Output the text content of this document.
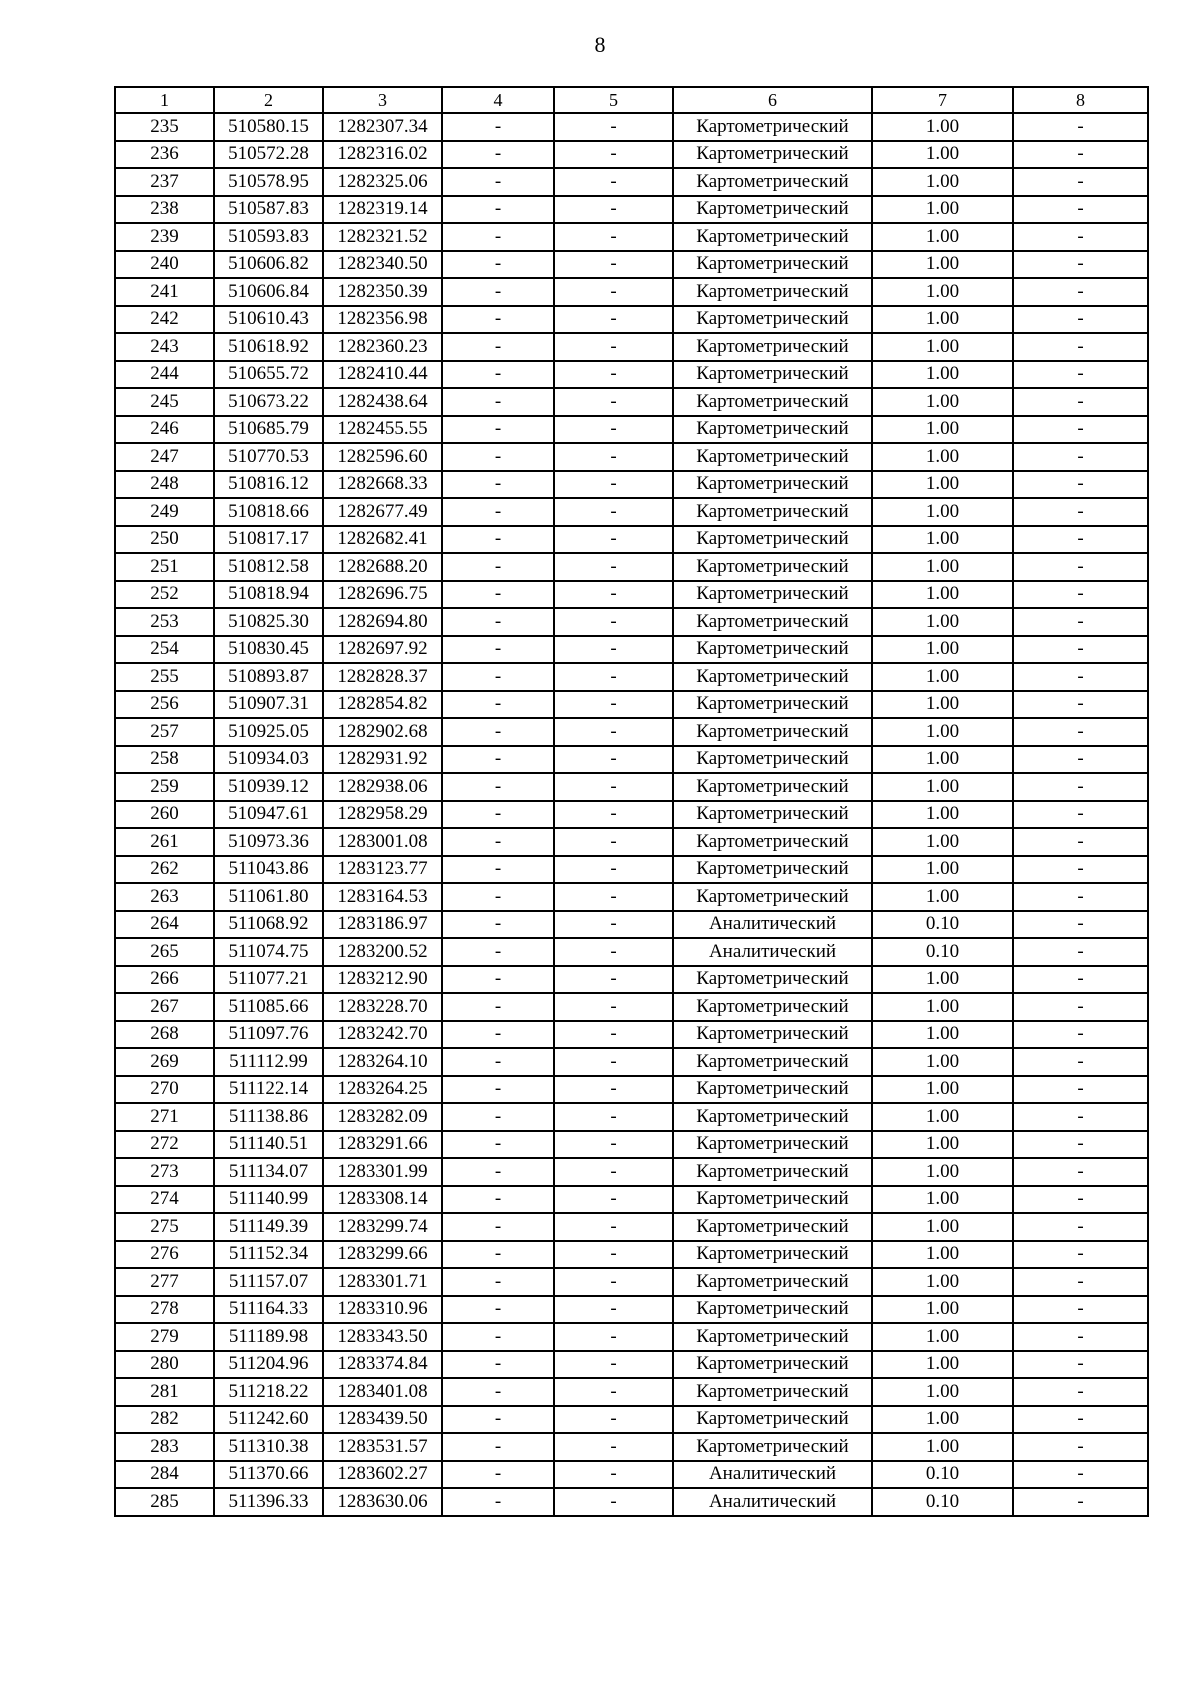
8
1	2	3	4	5	6	7	8
235	510580.15	1282307.34	-	-	Картометрический	1.00	-
236	510572.28	1282316.02	-	-	Картометрический	1.00	-
237	510578.95	1282325.06	-	-	Картометрический	1.00	-
238	510587.83	1282319.14	-	-	Картометрический	1.00	-
239	510593.83	1282321.52	-	-	Картометрический	1.00	-
240	510606.82	1282340.50	-	-	Картометрический	1.00	-
241	510606.84	1282350.39	-	-	Картометрический	1.00	-
242	510610.43	1282356.98	-	-	Картометрический	1.00	-
243	510618.92	1282360.23	-	-	Картометрический	1.00	-
244	510655.72	1282410.44	-	-	Картометрический	1.00	-
245	510673.22	1282438.64	-	-	Картометрический	1.00	-
246	510685.79	1282455.55	-	-	Картометрический	1.00	-
247	510770.53	1282596.60	-	-	Картометрический	1.00	-
248	510816.12	1282668.33	-	-	Картометрический	1.00	-
249	510818.66	1282677.49	-	-	Картометрический	1.00	-
250	510817.17	1282682.41	-	-	Картометрический	1.00	-
251	510812.58	1282688.20	-	-	Картометрический	1.00	-
252	510818.94	1282696.75	-	-	Картометрический	1.00	-
253	510825.30	1282694.80	-	-	Картометрический	1.00	-
254	510830.45	1282697.92	-	-	Картометрический	1.00	-
255	510893.87	1282828.37	-	-	Картометрический	1.00	-
256	510907.31	1282854.82	-	-	Картометрический	1.00	-
257	510925.05	1282902.68	-	-	Картометрический	1.00	-
258	510934.03	1282931.92	-	-	Картометрический	1.00	-
259	510939.12	1282938.06	-	-	Картометрический	1.00	-
260	510947.61	1282958.29	-	-	Картометрический	1.00	-
261	510973.36	1283001.08	-	-	Картометрический	1.00	-
262	511043.86	1283123.77	-	-	Картометрический	1.00	-
263	511061.80	1283164.53	-	-	Картометрический	1.00	-
264	511068.92	1283186.97	-	-	Аналитический	0.10	-
265	511074.75	1283200.52	-	-	Аналитический	0.10	-
266	511077.21	1283212.90	-	-	Картометрический	1.00	-
267	511085.66	1283228.70	-	-	Картометрический	1.00	-
268	511097.76	1283242.70	-	-	Картометрический	1.00	-
269	511112.99	1283264.10	-	-	Картометрический	1.00	-
270	511122.14	1283264.25	-	-	Картометрический	1.00	-
271	511138.86	1283282.09	-	-	Картометрический	1.00	-
272	511140.51	1283291.66	-	-	Картометрический	1.00	-
273	511134.07	1283301.99	-	-	Картометрический	1.00	-
274	511140.99	1283308.14	-	-	Картометрический	1.00	-
275	511149.39	1283299.74	-	-	Картометрический	1.00	-
276	511152.34	1283299.66	-	-	Картометрический	1.00	-
277	511157.07	1283301.71	-	-	Картометрический	1.00	-
278	511164.33	1283310.96	-	-	Картометрический	1.00	-
279	511189.98	1283343.50	-	-	Картометрический	1.00	-
280	511204.96	1283374.84	-	-	Картометрический	1.00	-
281	511218.22	1283401.08	-	-	Картометрический	1.00	-
282	511242.60	1283439.50	-	-	Картометрический	1.00	-
283	511310.38	1283531.57	-	-	Картометрический	1.00	-
284	511370.66	1283602.27	-	-	Аналитический	0.10	-
285	511396.33	1283630.06	-	-	Аналитический	0.10	-
